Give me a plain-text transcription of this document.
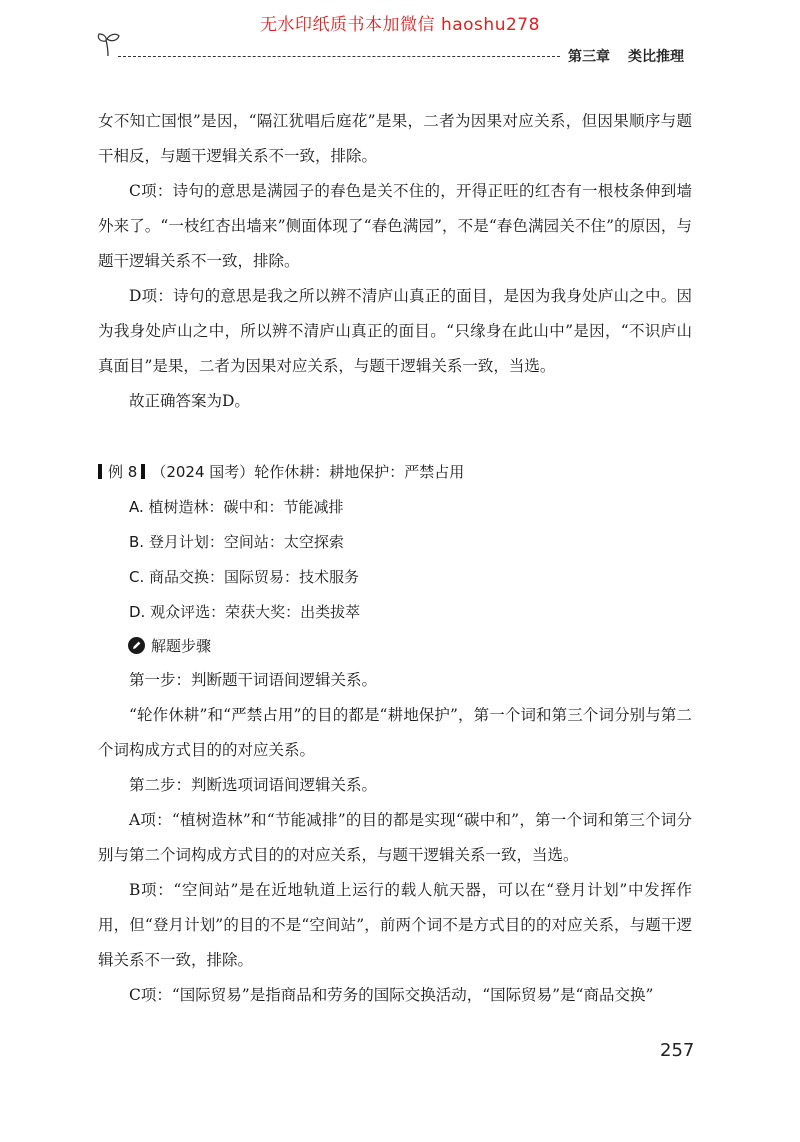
无水印纸质书本加微信 haoshu278
第三章 类比推理

女不知亡国恨”是因，“隔江犹唱后庭花”是果，二者为因果对应关系，但因果顺序与题干相反，与题干逻辑关系不一致，排除。

C项：诗句的意思是满园子的春色是关不住的，开得正旺的红杏有一根枝条伸到墙外来了。“一枝红杏出墙来”侧面体现了“春色满园”，不是“春色满园关不住”的原因，与题干逻辑关系不一致，排除。

D项：诗句的意思是我之所以辨不清庐山真正的面目，是因为我身处庐山之中。因为我身处庐山之中，所以辨不清庐山真正的面目。“只缘身在此山中”是因，“不识庐山真面目”是果，二者为因果对应关系，与题干逻辑关系一致，当选。

故正确答案为D。

例 8 （2024 国考）轮作休耕：耕地保护：严禁占用

A. 植树造林：碳中和：节能减排

B. 登月计划：空间站：太空探索

C. 商品交换：国际贸易：技术服务

D. 观众评选：荣获大奖：出类拔萃

解题步骤

第一步：判断题干词语间逻辑关系。

“轮作休耕”和“严禁占用”的目的都是“耕地保护”，第一个词和第三个词分别与第二个词构成方式目的的对应关系。

第二步：判断选项词语间逻辑关系。

A项：“植树造林”和“节能减排”的目的都是实现“碳中和”，第一个词和第三个词分别与第二个词构成方式目的的对应关系，与题干逻辑关系一致，当选。

B项：“空间站”是在近地轨道上运行的载人航天器，可以在“登月计划”中发挥作用，但“登月计划”的目的不是“空间站”，前两个词不是方式目的的对应关系，与题干逻辑关系不一致，排除。

C项：“国际贸易”是指商品和劳务的国际交换活动，“国际贸易”是“商品交换”

257
